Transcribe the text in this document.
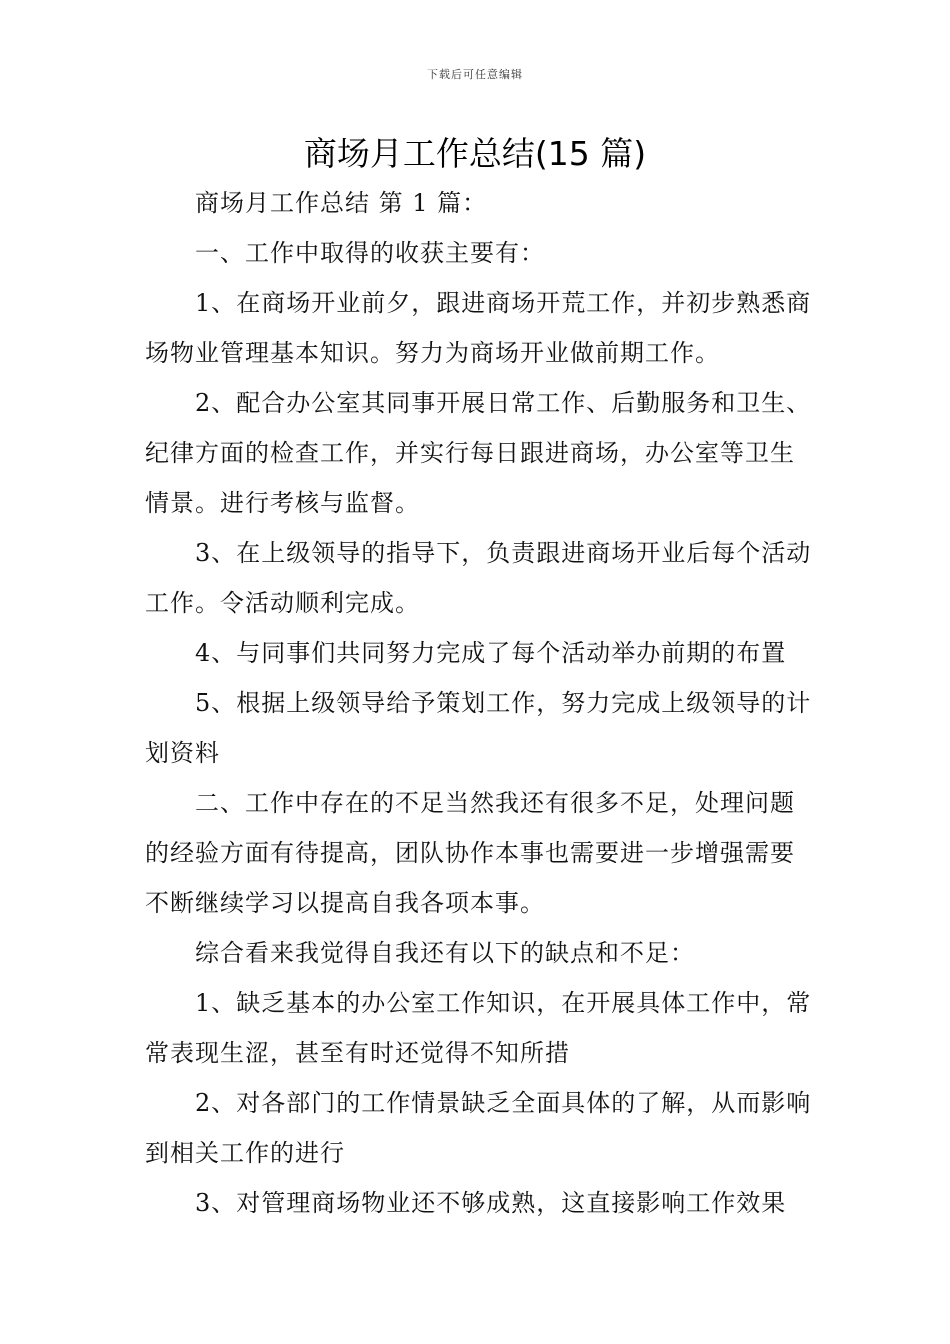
下载后可任意编辑
商场月工作总结(15 篇)

商场月工作总结 第 1 篇：

一、工作中取得的收获主要有：

1、在商场开业前夕，跟进商场开荒工作，并初步熟悉商场物业管理基本知识。努力为商场开业做前期工作。

2、配合办公室其同事开展日常工作、后勤服务和卫生、纪律方面的检查工作，并实行每日跟进商场，办公室等卫生情景。进行考核与监督。

3、在上级领导的指导下，负责跟进商场开业后每个活动工作。令活动顺利完成。

4、与同事们共同努力完成了每个活动举办前期的布置

5、根据上级领导给予策划工作，努力完成上级领导的计划资料

二、工作中存在的不足当然我还有很多不足，处理问题的经验方面有待提高，团队协作本事也需要进一步增强需要不断继续学习以提高自我各项本事。

综合看来我觉得自我还有以下的缺点和不足：

1、缺乏基本的办公室工作知识，在开展具体工作中，常常表现生涩，甚至有时还觉得不知所措

2、对各部门的工作情景缺乏全面具体的了解，从而影响到相关工作的进行

3、对管理商场物业还不够成熟，这直接影响工作效果
